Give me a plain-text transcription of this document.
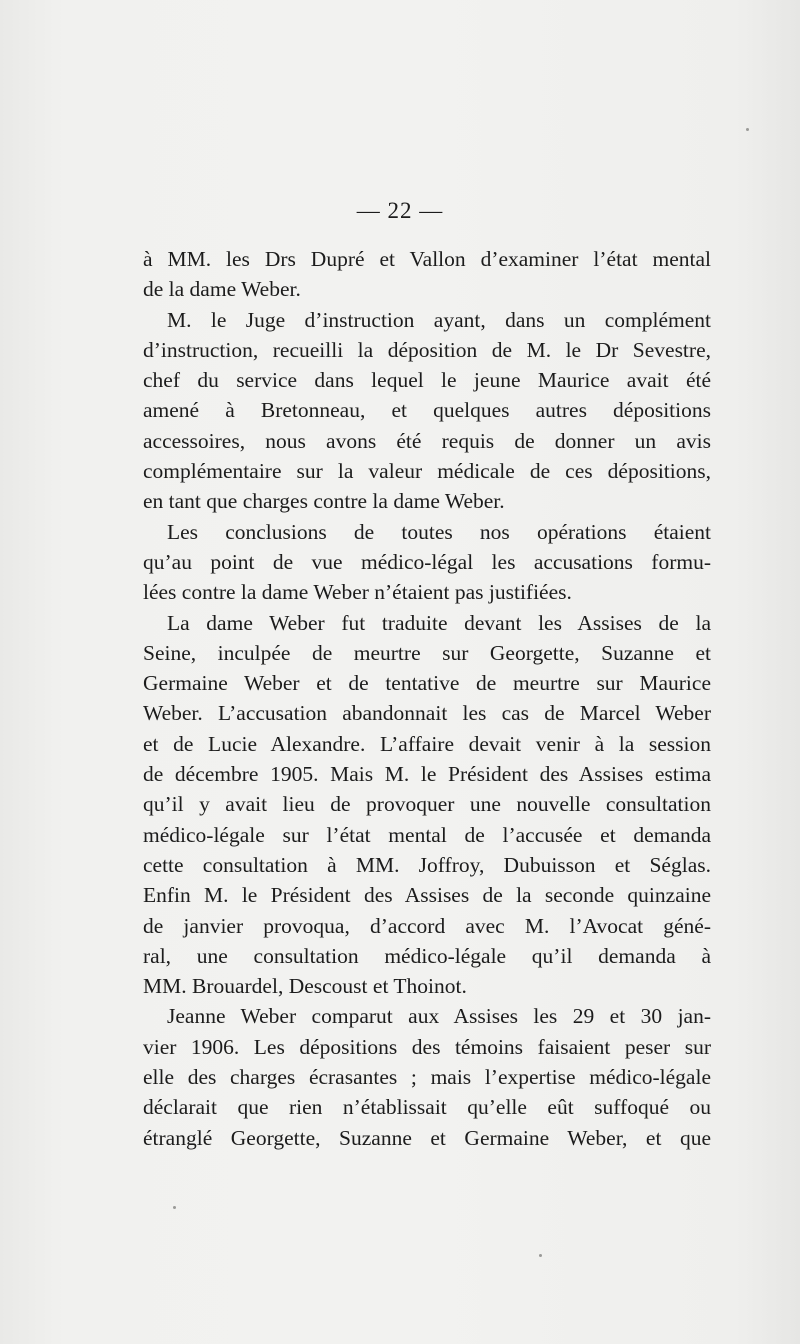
— 22 —
à MM. les Drs Dupré et Vallon d’examiner l’état mental
de la dame Weber.
M. le Juge d’instruction ayant, dans un complément
d’instruction, recueilli la déposition de M. le Dr Sevestre,
chef du service dans lequel le jeune Maurice avait été
amené à Bretonneau, et quelques autres dépositions
accessoires, nous avons été requis de donner un avis
complémentaire sur la valeur médicale de ces dépositions,
en tant que charges contre la dame Weber.
Les conclusions de toutes nos opérations étaient
qu’au point de vue médico-légal les accusations formu-
lées contre la dame Weber n’étaient pas justifiées.
La dame Weber fut traduite devant les Assises de la
Seine, inculpée de meurtre sur Georgette, Suzanne et
Germaine Weber et de tentative de meurtre sur Maurice
Weber. L’accusation abandonnait les cas de Marcel Weber
et de Lucie Alexandre. L’affaire devait venir à la session
de décembre 1905. Mais M. le Président des Assises estima
qu’il y avait lieu de provoquer une nouvelle consultation
médico-légale sur l’état mental de l’accusée et demanda
cette consultation à MM. Joffroy, Dubuisson et Séglas.
Enfin M. le Président des Assises de la seconde quinzaine
de janvier provoqua, d’accord avec M. l’Avocat géné-
ral, une consultation médico-légale qu’il demanda à
MM. Brouardel, Descoust et Thoinot.
Jeanne Weber comparut aux Assises les 29 et 30 jan-
vier 1906. Les dépositions des témoins faisaient peser sur
elle des charges écrasantes ; mais l’expertise médico-légale
déclarait que rien n’établissait qu’elle eût suffoqué ou
étranglé Georgette, Suzanne et Germaine Weber, et que
